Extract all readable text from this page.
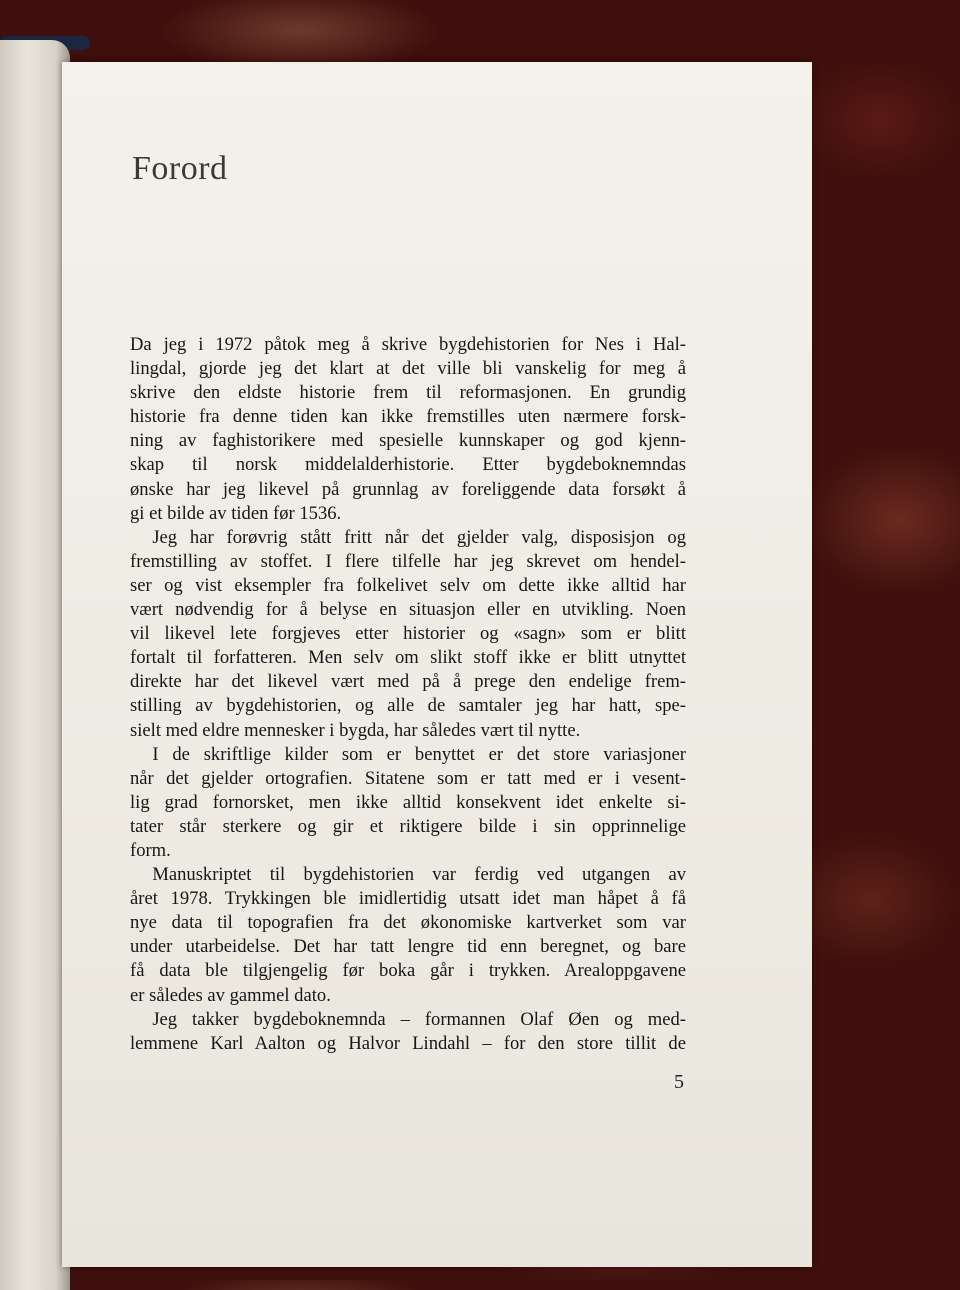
Forord
Da jeg i 1972 påtok meg å skrive bygdehistorien for Nes i Hal-
lingdal, gjorde jeg det klart at det ville bli vanskelig for meg å
skrive den eldste historie frem til reformasjonen. En grundig
historie fra denne tiden kan ikke fremstilles uten nærmere forsk-
ning av faghistorikere med spesielle kunnskaper og god kjenn-
skap til norsk middelalderhistorie. Etter bygdeboknemndas
ønske har jeg likevel på grunnlag av foreliggende data forsøkt å
gi et bilde av tiden før 1536.
Jeg har forøvrig stått fritt når det gjelder valg, disposisjon og
fremstilling av stoffet. I flere tilfelle har jeg skrevet om hendel-
ser og vist eksempler fra folkelivet selv om dette ikke alltid har
vært nødvendig for å belyse en situasjon eller en utvikling. Noen
vil likevel lete forgjeves etter historier og «sagn» som er blitt
fortalt til forfatteren. Men selv om slikt stoff ikke er blitt utnyttet
direkte har det likevel vært med på å prege den endelige frem-
stilling av bygdehistorien, og alle de samtaler jeg har hatt, spe-
sielt med eldre mennesker i bygda, har således vært til nytte.
I de skriftlige kilder som er benyttet er det store variasjoner
når det gjelder ortografien. Sitatene som er tatt med er i vesent-
lig grad fornorsket, men ikke alltid konsekvent idet enkelte si-
tater står sterkere og gir et riktigere bilde i sin opprinnelige
form.
Manuskriptet til bygdehistorien var ferdig ved utgangen av
året 1978. Trykkingen ble imidlertidig utsatt idet man håpet å få
nye data til topografien fra det økonomiske kartverket som var
under utarbeidelse. Det har tatt lengre tid enn beregnet, og bare
få data ble tilgjengelig før boka går i trykken. Arealoppgavene
er således av gammel dato.
Jeg takker bygdeboknemnda – formannen Olaf Øen og med-
lemmene Karl Aalton og Halvor Lindahl – for den store tillit de
5
